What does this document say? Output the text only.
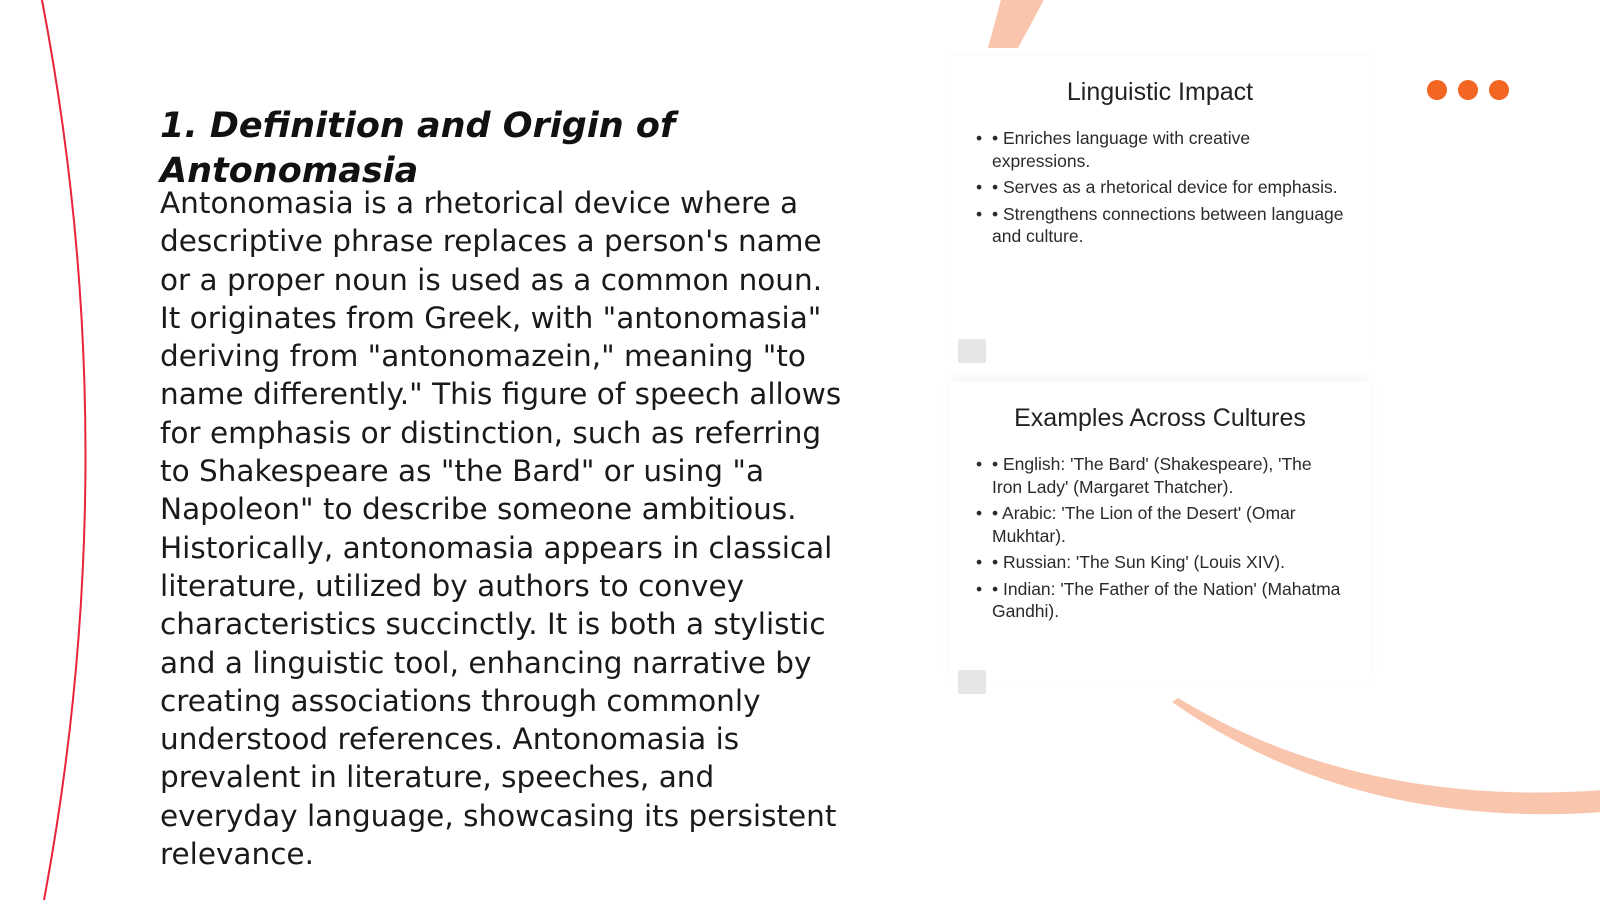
1. Definition and Origin of Antonomasia

Antonomasia is a rhetorical device where a descriptive phrase replaces a person's name or a proper noun is used as a common noun. It originates from Greek, with "antonomasia" deriving from "antonomazein," meaning "to name differently." This figure of speech allows for emphasis or distinction, such as referring to Shakespeare as "the Bard" or using "a Napoleon" to describe someone ambitious. Historically, antonomasia appears in classical literature, utilized by authors to convey characteristics succinctly. It is both a stylistic and a linguistic tool, enhancing narrative by creating associations through commonly understood references. Antonomasia is prevalent in literature, speeches, and everyday language, showcasing its persistent relevance.

Linguistic Impact
• • Enriches language with creative expressions.
• • Serves as a rhetorical device for emphasis.
• • Strengthens connections between language and culture.
Examples Across Cultures
• • English: 'The Bard' (Shakespeare), 'The Iron Lady' (Margaret Thatcher).
• • Arabic: 'The Lion of the Desert' (Omar Mukhtar).
• • Russian: 'The Sun King' (Louis XIV).
• • Indian: 'The Father of the Nation' (Mahatma Gandhi).
